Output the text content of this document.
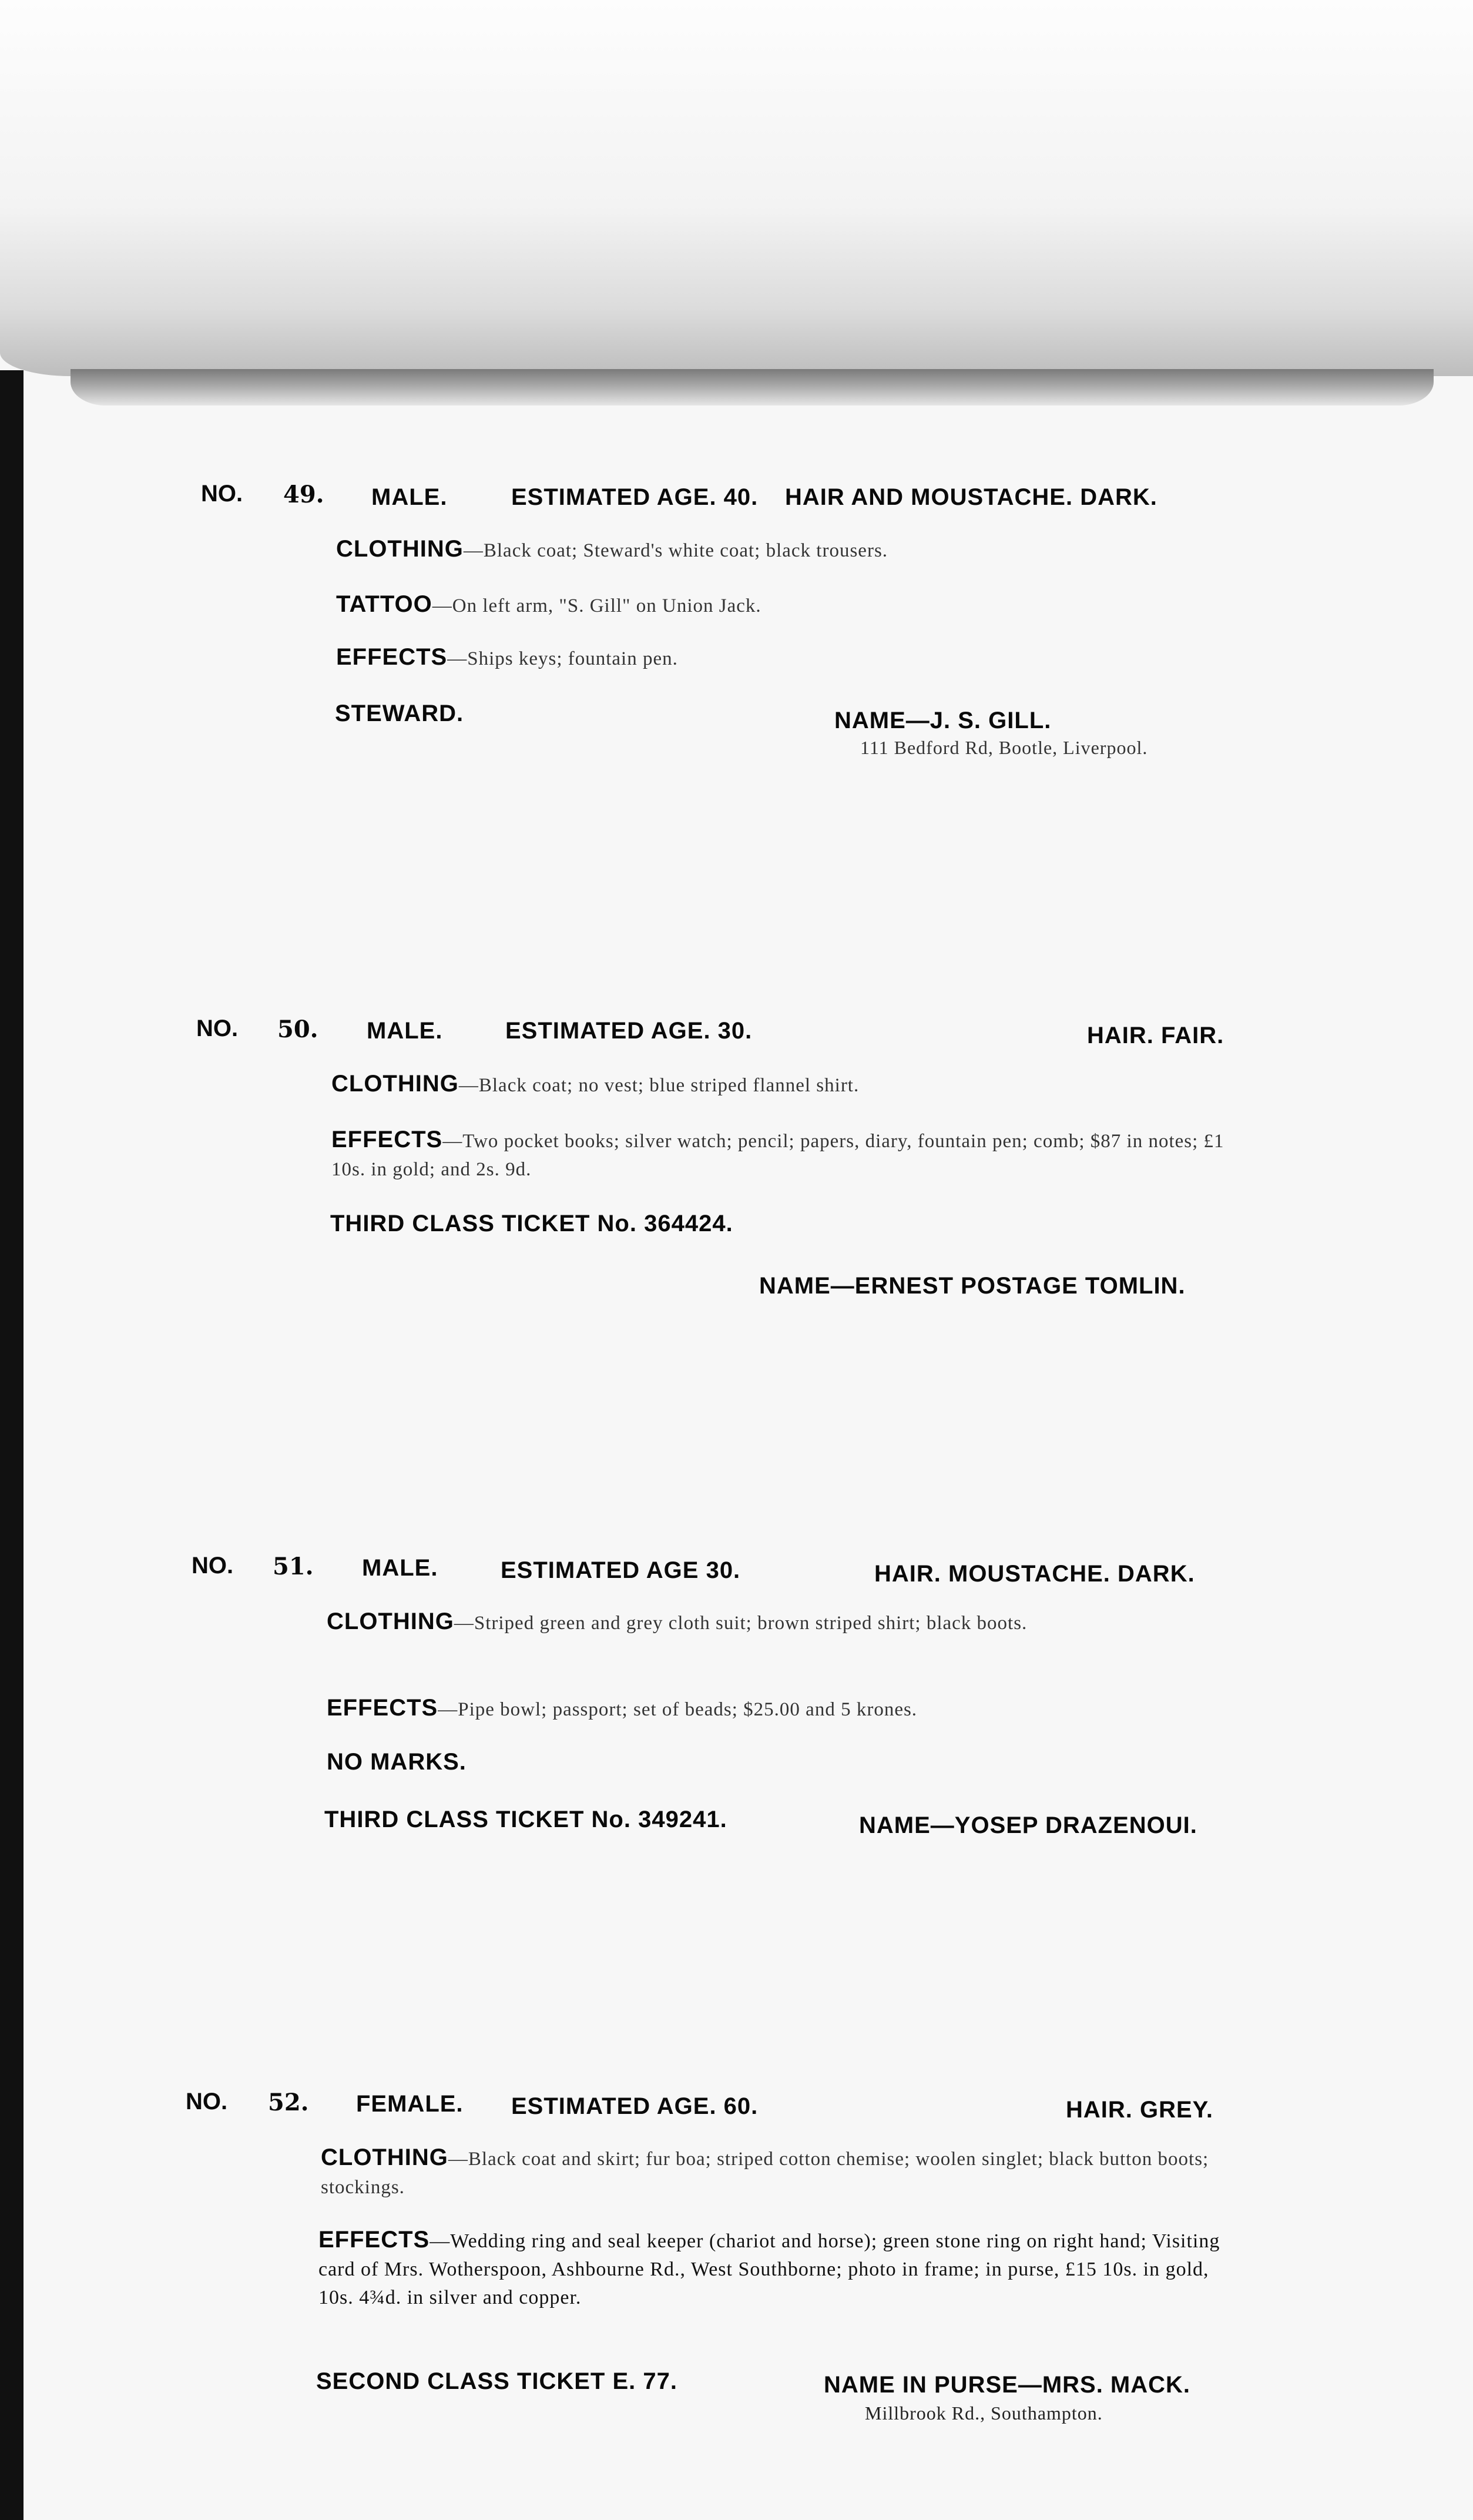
NO. 49. MALE.	ESTIMATED AGE. 40. HAIR AND MOUSTACHE. DARK.
CLOTHING—Black coat; Steward's white coat; black trousers.
TATTOO—On left arm, "S. Gill" on Union Jack.
EFFECTS—Ships keys; fountain pen.
STEWARD.	NAME—J. S. GILL.
111 Bedford Rd, Bootle, Liverpool.
NO. 50. MALE.	ESTIMATED AGE. 30.	HAIR. FAIR.
CLOTHING—Black coat; no vest; blue striped flannel shirt.
EFFECTS—Two pocket books; silver watch; pencil; papers, diary, fountain pen; comb; $87 in notes; £1 10s. in gold; and 2s. 9d.
THIRD CLASS TICKET No. 364424.
NAME—ERNEST POSTAGE TOMLIN.
NO. 51. MALE.	ESTIMATED AGE 30.	HAIR. MOUSTACHE. DARK.
CLOTHING—Striped green and grey cloth suit; brown striped shirt; black boots.
EFFECTS—Pipe bowl; passport; set of beads; $25.00 and 5 krones.
NO MARKS.
THIRD CLASS TICKET No. 349241.	NAME—YOSEP DRAZENOUI.
NO. 52. FEMALE. ESTIMATED AGE. 60.	HAIR. GREY.
CLOTHING—Black coat and skirt; fur boa; striped cotton chemise; woolen singlet; black button boots; stockings.
EFFECTS—Wedding ring and seal keeper (chariot and horse); green stone ring on right hand; Visiting card of Mrs. Wotherspoon, Ashbourne Rd., West Southborne; photo in frame; in purse, £15 10s. in gold, 10s. 4¾d. in silver and copper.
SECOND CLASS TICKET E. 77.	NAME IN PURSE—MRS. MACK.
Millbrook Rd., Southampton.
